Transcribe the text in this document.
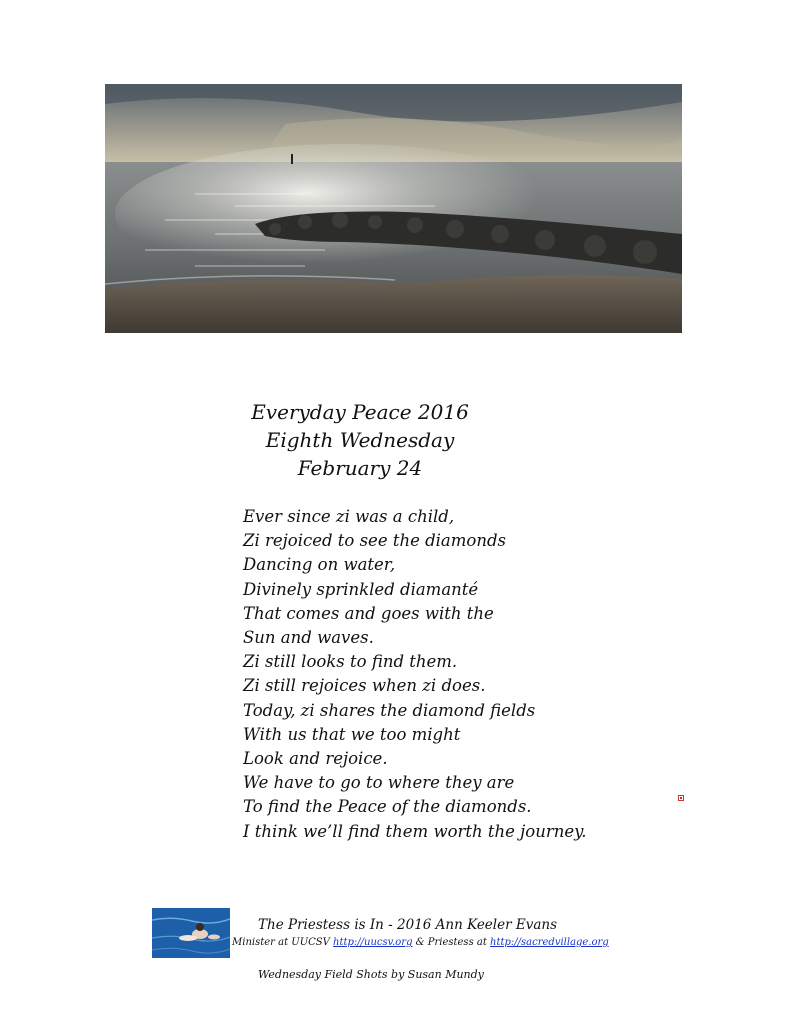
Everyday Peace 2016
Eighth Wednesday
February 24
Ever since zi was a child,
Zi rejoiced to see the diamonds
Dancing on water,
Divinely sprinkled diamanté
That comes and goes with the
Sun and waves.
Zi still looks to find them.
Zi still rejoices when zi does.
Today, zi shares the diamond fields
With us that we too might
Look and rejoice.
We have to go to where they are
To find the Peace of the diamonds.
I think we’ll find them worth the journey.
The Priestess is In - 2016 Ann Keeler Evans
Minister at UUCSV http://uucsv.org & Priestess at http://sacredvillage.org
Wednesday Field Shots by Susan Mundy
